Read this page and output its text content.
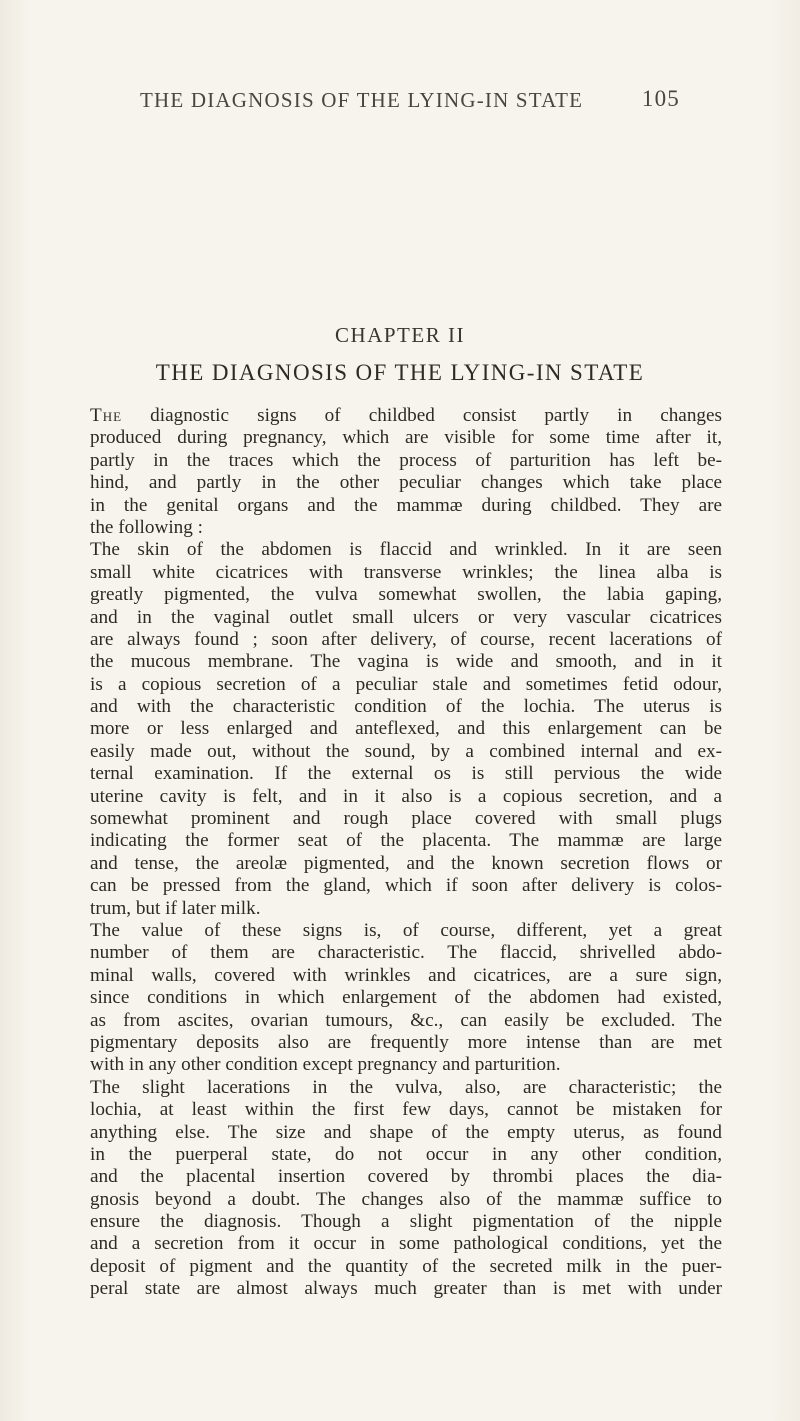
THE DIAGNOSIS OF THE LYING-IN STATE	105
CHAPTER II
THE DIAGNOSIS OF THE LYING-IN STATE
The diagnostic signs of childbed consist partly in changes
produced during pregnancy, which are visible for some time after it,
partly in the traces which the process of parturition has left be-
hind, and partly in the other peculiar changes which take place
in the genital organs and the mammæ during childbed. They are
the following :
The skin of the abdomen is flaccid and wrinkled. In it are seen
small white cicatrices with transverse wrinkles; the linea alba is
greatly pigmented, the vulva somewhat swollen, the labia gaping,
and in the vaginal outlet small ulcers or very vascular cicatrices
are always found ; soon after delivery, of course, recent lacerations of
the mucous membrane. The vagina is wide and smooth, and in it
is a copious secretion of a peculiar stale and sometimes fetid odour,
and with the characteristic condition of the lochia. The uterus is
more or less enlarged and anteflexed, and this enlargement can be
easily made out, without the sound, by a combined internal and ex-
ternal examination. If the external os is still pervious the wide
uterine cavity is felt, and in it also is a copious secretion, and a
somewhat prominent and rough place covered with small plugs
indicating the former seat of the placenta. The mammæ are large
and tense, the areolæ pigmented, and the known secretion flows or
can be pressed from the gland, which if soon after delivery is colos-
trum, but if later milk.
The value of these signs is, of course, different, yet a great
number of them are characteristic. The flaccid, shrivelled abdo-
minal walls, covered with wrinkles and cicatrices, are a sure sign,
since conditions in which enlargement of the abdomen had existed,
as from ascites, ovarian tumours, &c., can easily be excluded. The
pigmentary deposits also are frequently more intense than are met
with in any other condition except pregnancy and parturition.
The slight lacerations in the vulva, also, are characteristic; the
lochia, at least within the first few days, cannot be mistaken for
anything else. The size and shape of the empty uterus, as found
in the puerperal state, do not occur in any other condition,
and the placental insertion covered by thrombi places the dia-
gnosis beyond a doubt. The changes also of the mammæ suffice to
ensure the diagnosis. Though a slight pigmentation of the nipple
and a secretion from it occur in some pathological conditions, yet the
deposit of pigment and the quantity of the secreted milk in the puer-
peral state are almost always much greater than is met with under
